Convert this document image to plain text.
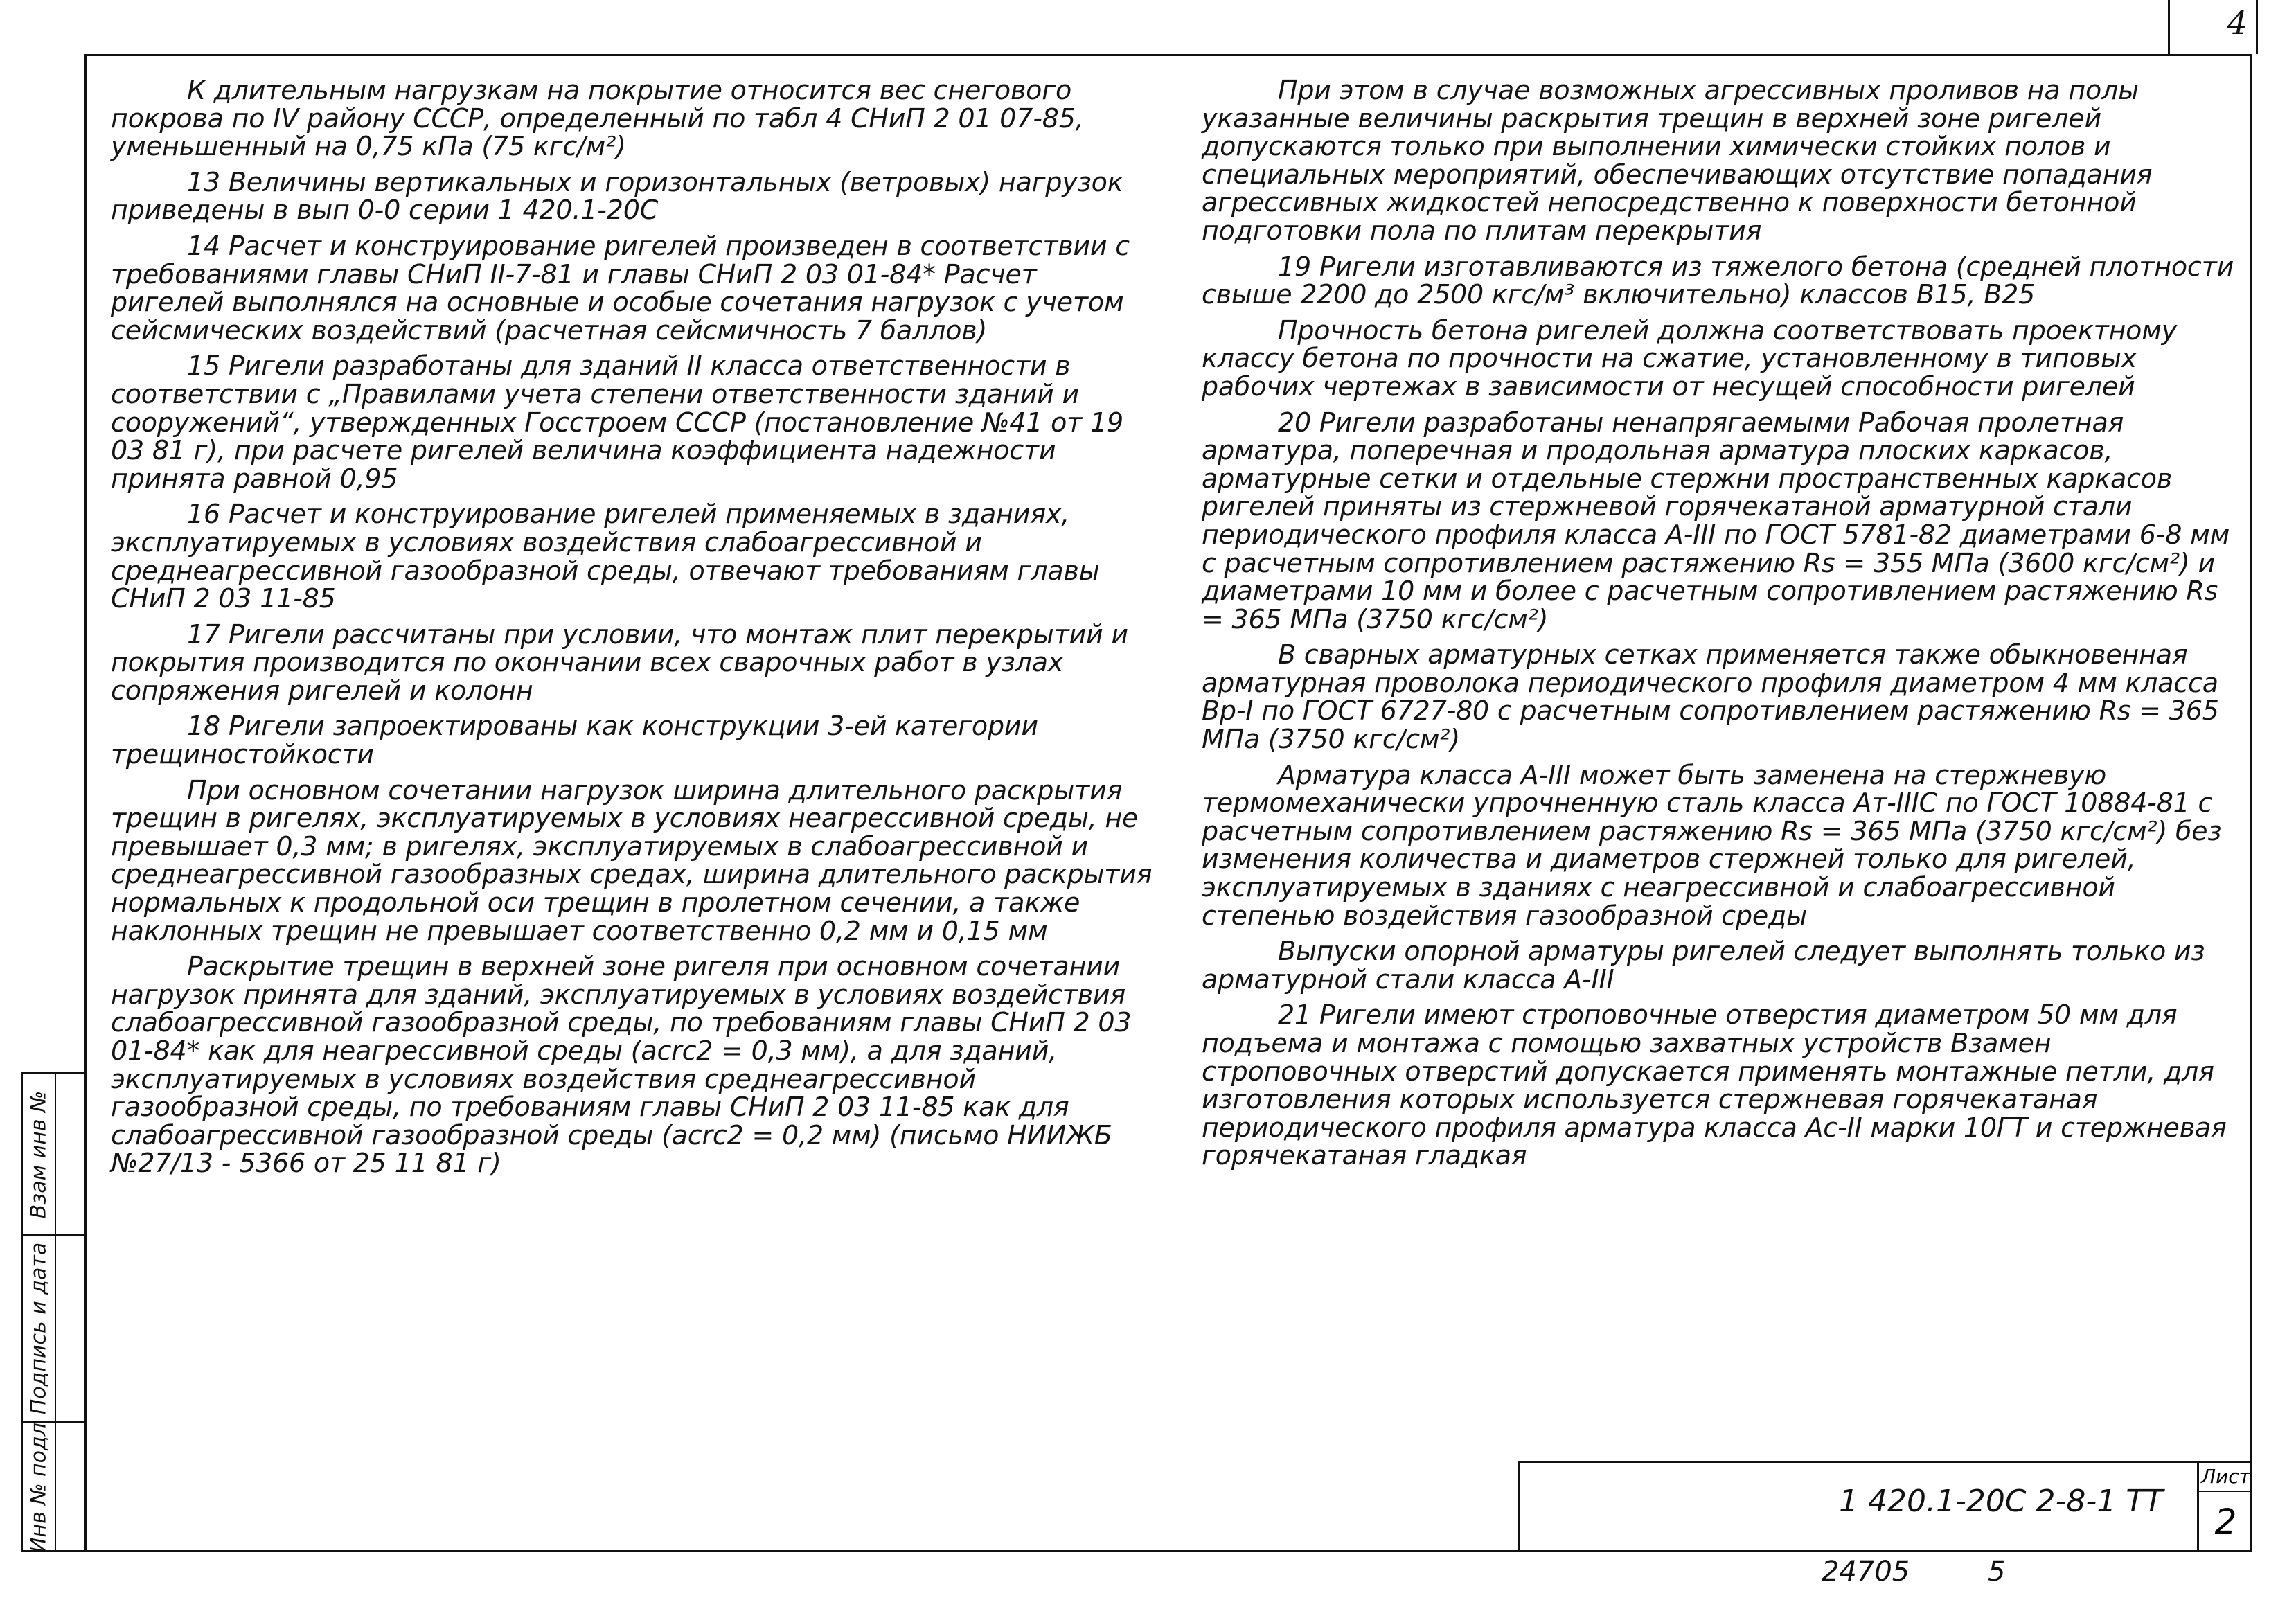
4
Взам инв №
Подпись и дата
Инв № подл

К длительным нагрузкам на покрытие относится вес снегового покрова по IV району СССР, определенный по табл 4 СНиП 2 01 07-85, уменьшенный на 0,75 кПа (75 кгс/м²)

13 Величины вертикальных и горизонтальных (ветровых) нагрузок приведены в вып 0-0 серии 1 420.1-20С

14 Расчет и конструирование ригелей произведен в соответствии с требованиями главы СНиП II-7-81 и главы СНиП 2 03 01-84* Расчет ригелей выполнялся на основные и особые сочетания нагрузок с учетом сейсмических воздействий (расчетная сейсмичность 7 баллов)

15 Ригели разработаны для зданий II класса ответственности в соответствии с „Правилами учета степени ответственности зданий и сооружений“, утвержденных Госстроем СССР (постановление №41 от 19 03 81 г), при расчете ригелей величина коэффициента надежности принята равной 0,95

16 Расчет и конструирование ригелей применяемых в зданиях, эксплуатируемых в условиях воздействия слабоагрессивной и среднеагрессивной газообразной среды, отвечают требованиям главы СНиП 2 03 11-85

17 Ригели рассчитаны при условии, что монтаж плит перекрытий и покрытия производится по окончании всех сварочных работ в узлах сопряжения ригелей и колонн

18 Ригели запроектированы как конструкции 3-ей категории трещиностойкости

При основном сочетании нагрузок ширина длительного раскрытия трещин в ригелях, эксплуатируемых в условиях неагрессивной среды, не превышает 0,3 мм; в ригелях, эксплуатируемых в слабоагрессивной и среднеагрессивной газообразных средах, ширина длительного раскрытия нормальных к продольной оси трещин в пролетном сечении, а также наклонных трещин не превышает соответственно 0,2 мм и 0,15 мм

Раскрытие трещин в верхней зоне ригеля при основном сочетании нагрузок принята для зданий, эксплуатируемых в условиях воздействия слабоагрессивной газообразной среды, по требованиям главы СНиП 2 03 01-84* как для неагрессивной среды (acrc2 = 0,3 мм), а для зданий, эксплуатируемых в условиях воздействия среднеагрессивной газообразной среды, по требованиям главы СНиП 2 03 11-85 как для слабоагрессивной газообразной среды (acrc2 = 0,2 мм) (письмо НИИЖБ №27/13 - 5366 от 25 11 81 г)

При этом в случае возможных агрессивных проливов на полы указанные величины раскрытия трещин в верхней зоне ригелей допускаются только при выполнении химически стойких полов и специальных мероприятий, обеспечивающих отсутствие попадания агрессивных жидкостей непосредственно к поверхности бетонной подготовки пола по плитам перекрытия

19 Ригели изготавливаются из тяжелого бетона (средней плотности свыше 2200 до 2500 кгс/м³ включительно) классов В15, В25

Прочность бетона ригелей должна соответствовать проектному классу бетона по прочности на сжатие, установленному в типовых рабочих чертежах в зависимости от несущей способности ригелей

20 Ригели разработаны ненапрягаемыми Рабочая пролетная арматура, поперечная и продольная арматура плоских каркасов, арматурные сетки и отдельные стержни пространственных каркасов ригелей приняты из стержневой горячекатаной арматурной стали периодического профиля класса А-III по ГОСТ 5781-82 диаметрами 6-8 мм с расчетным сопротивлением растяжению Rs = 355 МПа (3600 кгс/см²) и диаметрами 10 мм и более с расчетным сопротивлением растяжению Rs = 365 МПа (3750 кгс/см²)

В сварных арматурных сетках применяется также обыкновенная арматурная проволока периодического профиля диаметром 4 мм класса Вр-I по ГОСТ 6727-80 с расчетным сопротивлением растяжению Rs = 365 МПа (3750 кгс/см²)

Арматура класса А-III может быть заменена на стержневую термомеханически упрочненную сталь класса Ат-IIIС по ГОСТ 10884-81 с расчетным сопротивлением растяжению Rs = 365 МПа (3750 кгс/см²) без изменения количества и диаметров стержней только для ригелей, эксплуатируемых в зданиях с неагрессивной и слабоагрессивной степенью воздействия газообразной среды

Выпуски опорной арматуры ригелей следует выполнять только из арматурной стали класса А-III

21 Ригели имеют строповочные отверстия диаметром 50 мм для подъема и монтажа с помощью захватных устройств Взамен строповочных отверстий допускается применять монтажные петли, для изготовления которых используется стержневая горячекатаная периодического профиля арматура класса Ас-II марки 10ГТ и стержневая горячекатаная гладкая

1 420.1-20С 2-8-1 ТТ
Лист
2
24705	5
